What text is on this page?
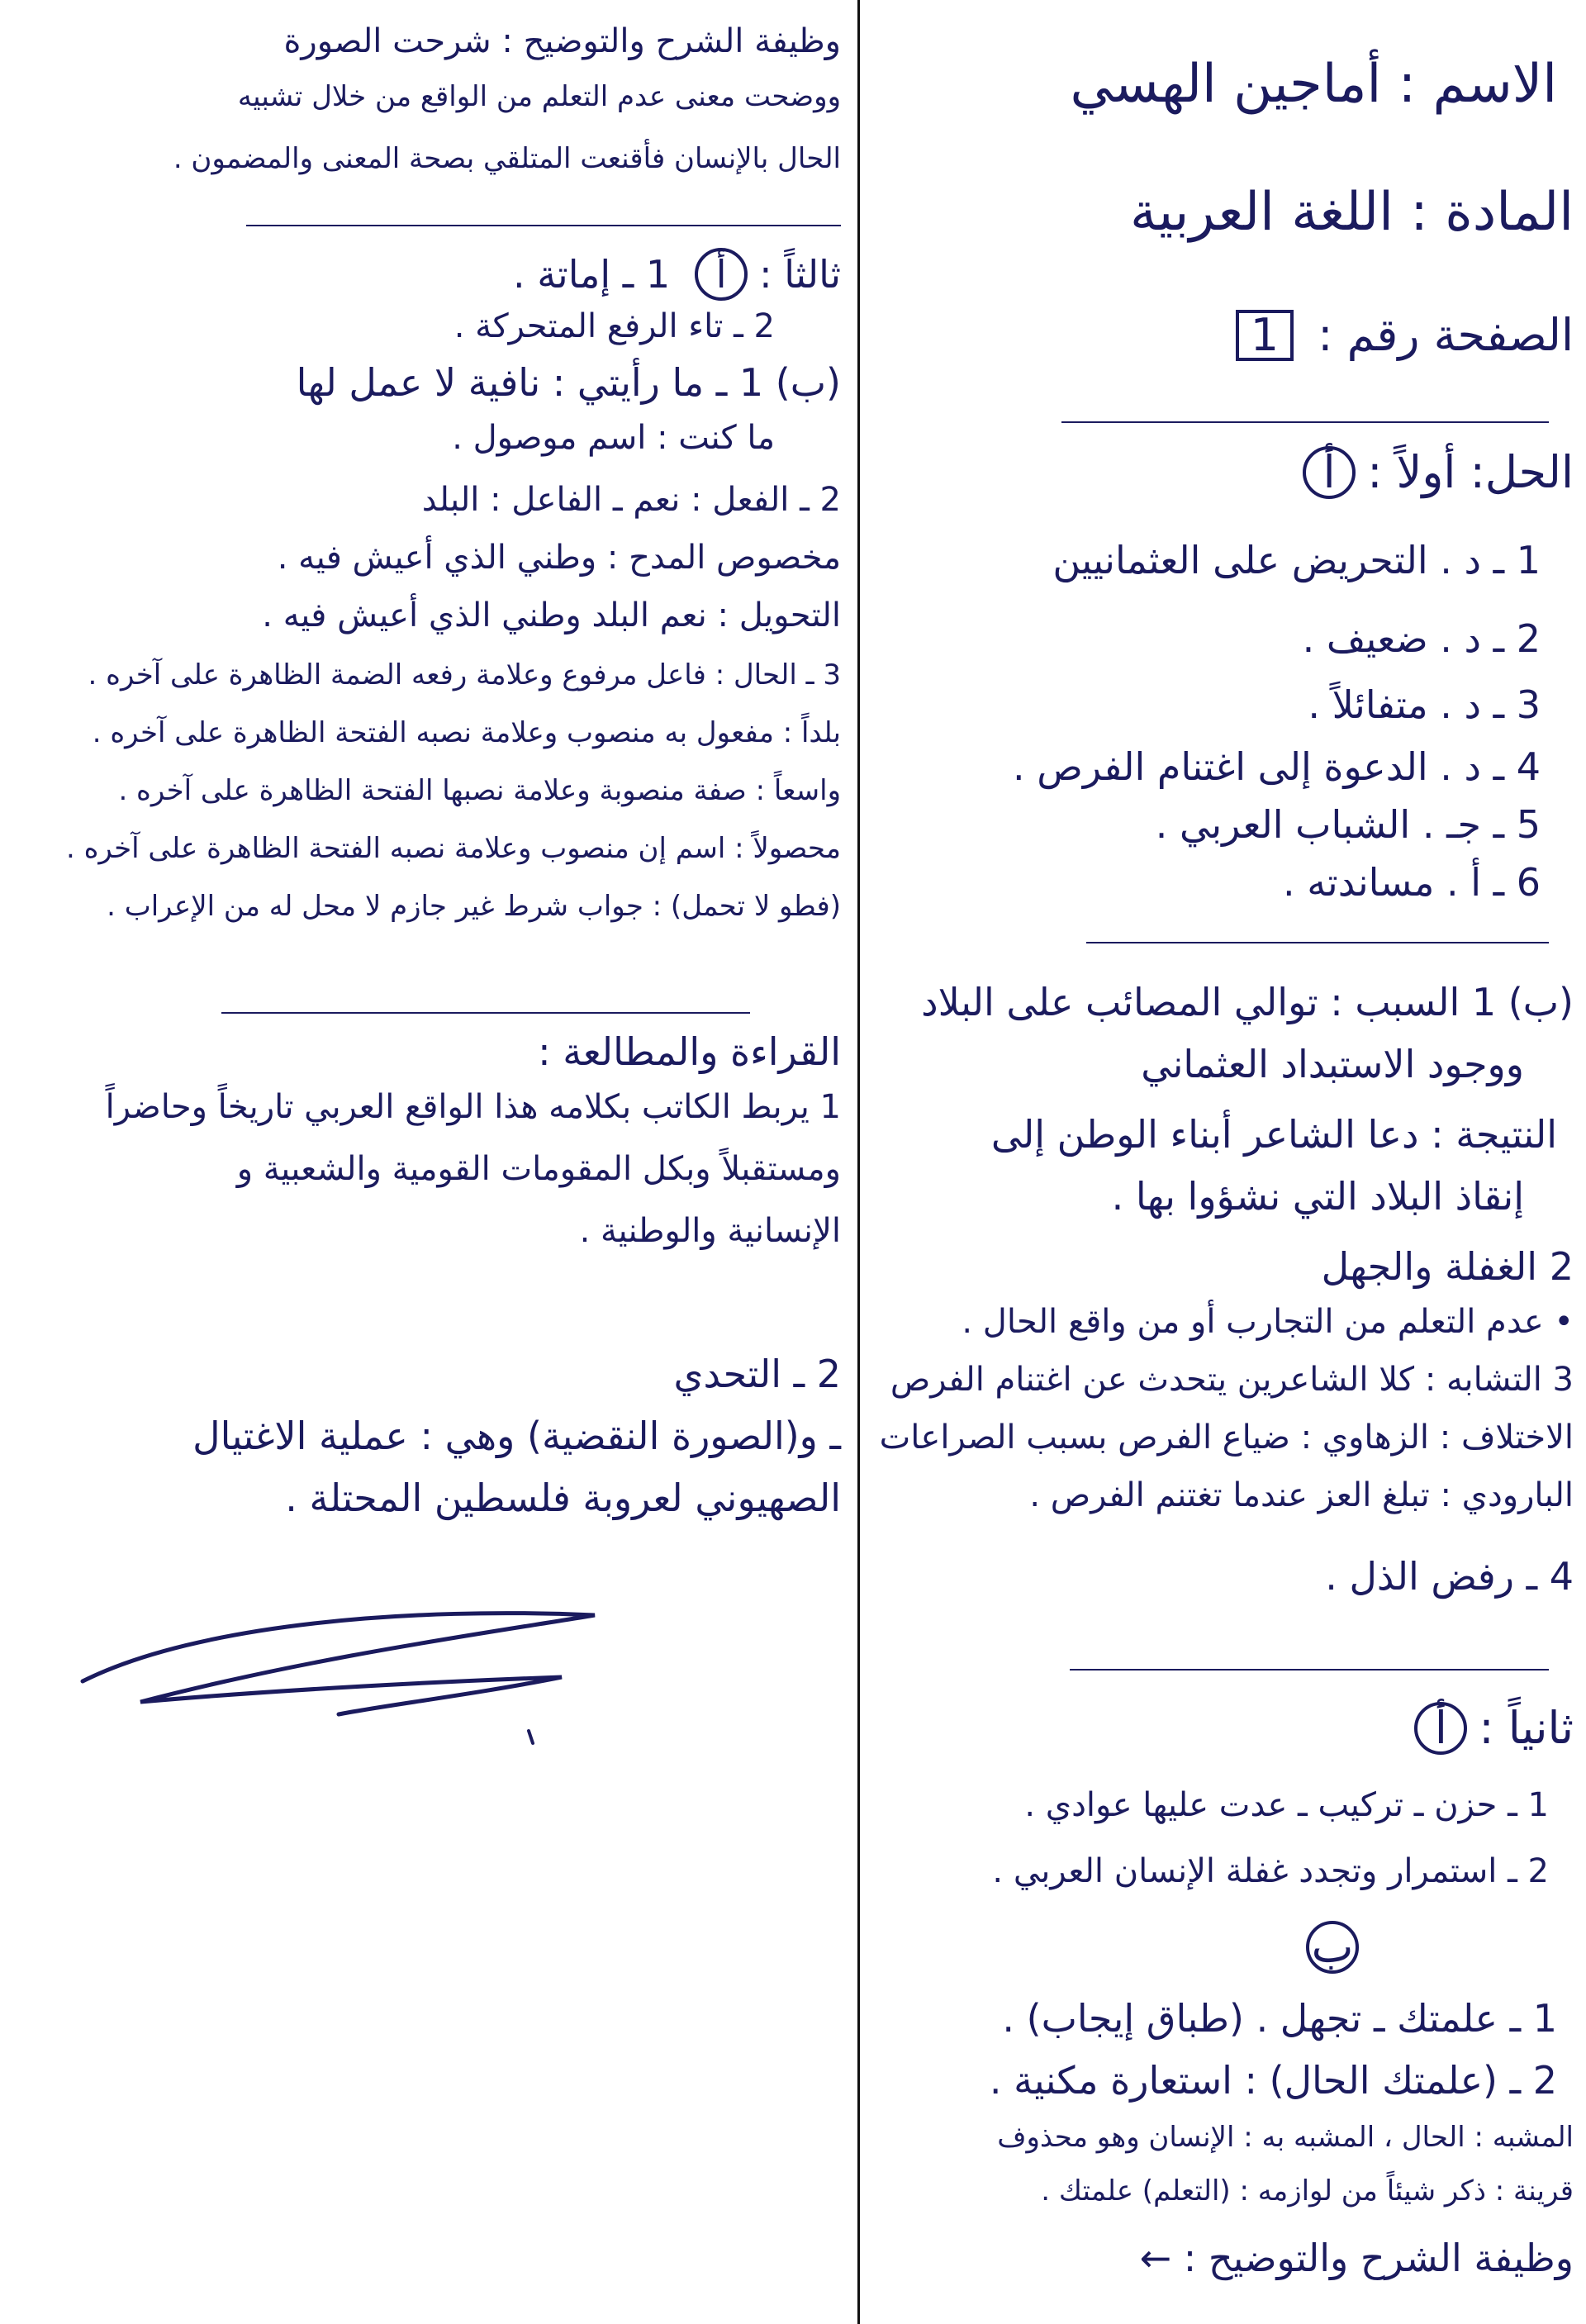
الاسم : أماجين الهسي
المادة : اللغة العربية
الصفحة رقم : 1
الحل: أولاً :أ
1 ـ د . التحريض على العثمانيين
2 ـ د . ضعيف .
3 ـ د . متفائلاً .
4 ـ د . الدعوة إلى اغتنام الفرص .
5 ـ جـ . الشباب العربي .
6 ـ أ . مساندته .
(ب) 1 السبب : توالي المصائب على البلاد
ووجود الاستبداد العثماني
النتيجة : دعا الشاعر أبناء الوطن إلى
إنقاذ البلاد التي نشؤوا بها .
2 الغفلة والجهل
• عدم التعلم من التجارب أو من واقع الحال .
3 التشابه : كلا الشاعرين يتحدث عن اغتنام الفرص
الاختلاف : الزهاوي : ضياع الفرص بسبب الصراعات
البارودي : تبلغ العز عندما تغتنم الفرص .
4 ـ رفض الذل .
ثانياً :أ
1 ـ حزن ـ تركيب ـ عدت عليها عوادي .
2 ـ استمرار وتجدد غفلة الإنسان العربي .
ب
1 ـ علمتك ـ تجهل . (طباق إيجاب) .
2 ـ (علمتك الحال) : استعارة مكنية .
المشبه : الحال ، المشبه به : الإنسان وهو محذوف
قرينة : ذكر شيئاً من لوازمه : (التعلم) علمتك .
وظيفة الشرح والتوضيح : ←
وظيفة الشرح والتوضيح : شرحت الصورة
ووضحت معنى عدم التعلم من الواقع من خلال تشبيه
الحال بالإنسان فأقنعت المتلقي بصحة المعنى والمضمون .
ثالثاً :أ1 ـ إماتة .
2 ـ تاء الرفع المتحركة .
(ب) 1 ـ ما رأيتي : نافية لا عمل لها
ما كنت : اسم موصول .
2 ـ الفعل : نعم ـ الفاعل : البلد
مخصوص المدح : وطني الذي أعيش فيه .
التحويل : نعم البلد وطني الذي أعيش فيه .
3 ـ الحال : فاعل مرفوع وعلامة رفعه الضمة الظاهرة على آخره .
بلداً : مفعول به منصوب وعلامة نصبه الفتحة الظاهرة على آخره .
واسعاً : صفة منصوبة وعلامة نصبها الفتحة الظاهرة على آخره .
محصولاً : اسم إن منصوب وعلامة نصبه الفتحة الظاهرة على آخره .
(فطو لا تحمل) : جواب شرط غير جازم لا محل له من الإعراب .
القراءة والمطالعة :
1 يربط الكاتب بكلامه هذا الواقع العربي تاريخاً وحاضراً
ومستقبلاً وبكل المقومات القومية والشعبية و
الإنسانية والوطنية .
2 ـ التحدي
ـ و(الصورة النقضية) وهي : عملية الاغتيال
الصهيوني لعروبة فلسطين المحتلة .
